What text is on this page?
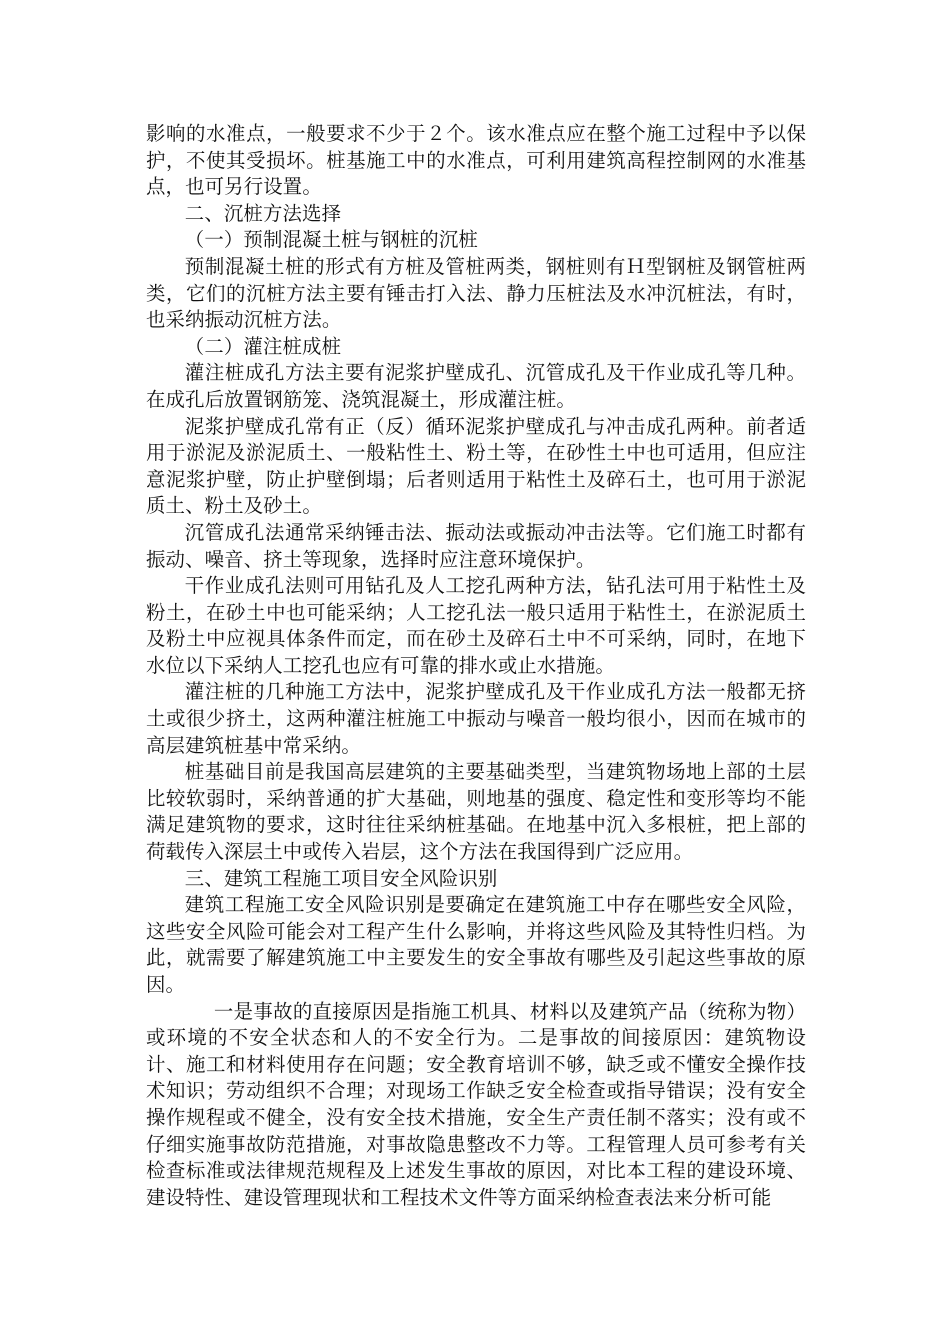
影响的水准点，一般要求不少于２个。该水准点应在整个施工过程中予以保护，不使其受损坏。桩基施工中的水准点，可利用建筑高程控制网的水准基点，也可另行设置。

二、沉桩方法选择

（一）预制混凝土桩与钢桩的沉桩

预制混凝土桩的形式有方桩及管桩两类，钢桩则有Ｈ型钢桩及钢管桩两类，它们的沉桩方法主要有锤击打入法、静力压桩法及水冲沉桩法，有时，也采纳振动沉桩方法。

（二）灌注桩成桩

灌注桩成孔方法主要有泥浆护壁成孔、沉管成孔及干作业成孔等几种。在成孔后放置钢筋笼、浇筑混凝土，形成灌注桩。

泥浆护壁成孔常有正（反）循环泥浆护壁成孔与冲击成孔两种。前者适用于淤泥及淤泥质土、一般粘性土、粉土等，在砂性土中也可适用，但应注意泥浆护壁，防止护壁倒塌；后者则适用于粘性土及碎石土，也可用于淤泥质土、粉土及砂土。

沉管成孔法通常采纳锤击法、振动法或振动冲击法等。它们施工时都有振动、噪音、挤土等现象，选择时应注意环境保护。

干作业成孔法则可用钻孔及人工挖孔两种方法，钻孔法可用于粘性土及粉土，在砂土中也可能采纳；人工挖孔法一般只适用于粘性土，在淤泥质土及粉土中应视具体条件而定，而在砂土及碎石土中不可采纳，同时，在地下水位以下采纳人工挖孔也应有可靠的排水或止水措施。

灌注桩的几种施工方法中，泥浆护壁成孔及干作业成孔方法一般都无挤土或很少挤土，这两种灌注桩施工中振动与噪音一般均很小，因而在城市的高层建筑桩基中常采纳。

桩基础目前是我国高层建筑的主要基础类型，当建筑物场地上部的土层比较软弱时，采纳普通的扩大基础，则地基的强度、稳定性和变形等均不能满足建筑物的要求，这时往往采纳桩基础。在地基中沉入多根桩，把上部的荷载传入深层土中或传入岩层，这个方法在我国得到广泛应用。

三、建筑工程施工项目安全风险识别

建筑工程施工安全风险识别是要确定在建筑施工中存在哪些安全风险，这些安全风险可能会对工程产生什么影响，并将这些风险及其特性归档。为此，就需要了解建筑施工中主要发生的安全事故有哪些及引起这些事故的原因。

一是事故的直接原因是指施工机具、材料以及建筑产品（统称为物）或环境的不安全状态和人的不安全行为。二是事故的间接原因：建筑物设计、施工和材料使用存在问题；安全教育培训不够，缺乏或不懂安全操作技术知识；劳动组织不合理；对现场工作缺乏安全检查或指导错误；没有安全操作规程或不健全，没有安全技术措施，安全生产责任制不落实；没有或不仔细实施事故防范措施，对事故隐患整改不力等。工程管理人员可参考有关检查标准或法律规范规程及上述发生事故的原因，对比本工程的建设环境、建设特性、建设管理现状和工程技术文件等方面采纳检查表法来分析可能
